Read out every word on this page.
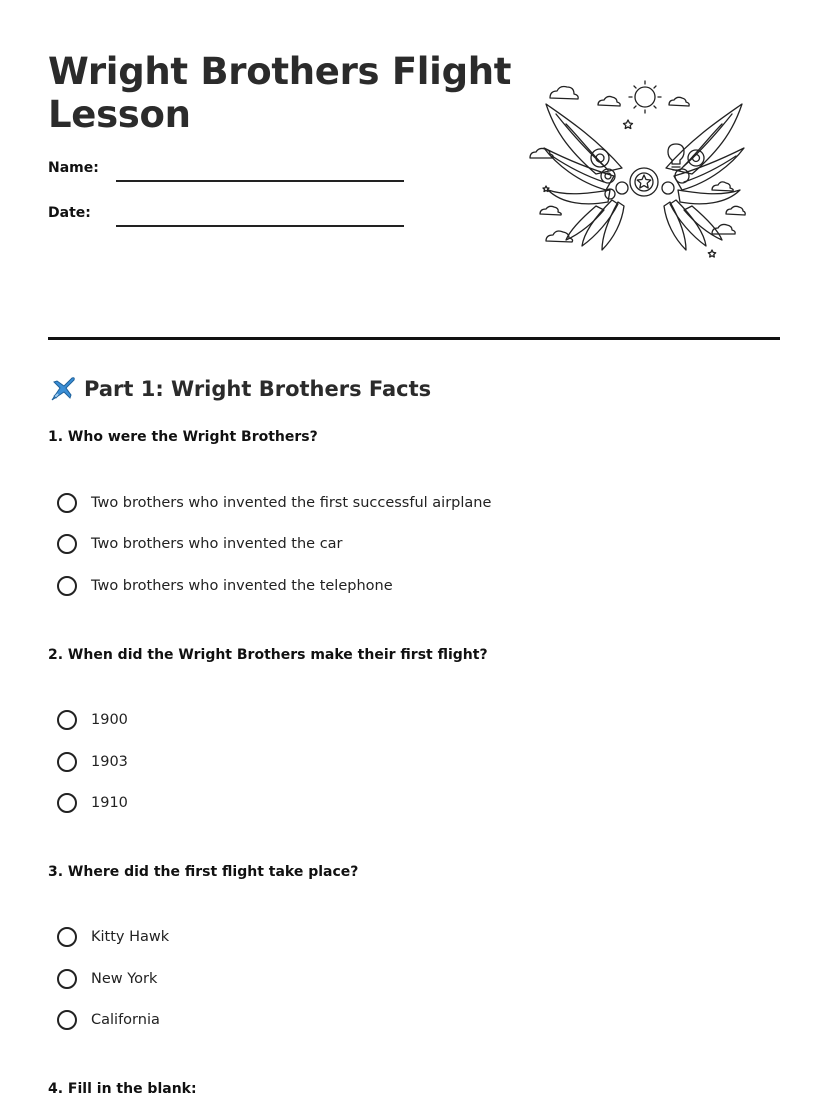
Wright Brothers Flight Lesson
Name:
Date:
Part 1: Wright Brothers Facts
1. Who were the Wright Brothers?
Two brothers who invented the first successful airplane
Two brothers who invented the car
Two brothers who invented the telephone
2. When did the Wright Brothers make their first flight?
1900
1903
1910
3. Where did the first flight take place?
Kitty Hawk
New York
California
4. Fill in the blank:
